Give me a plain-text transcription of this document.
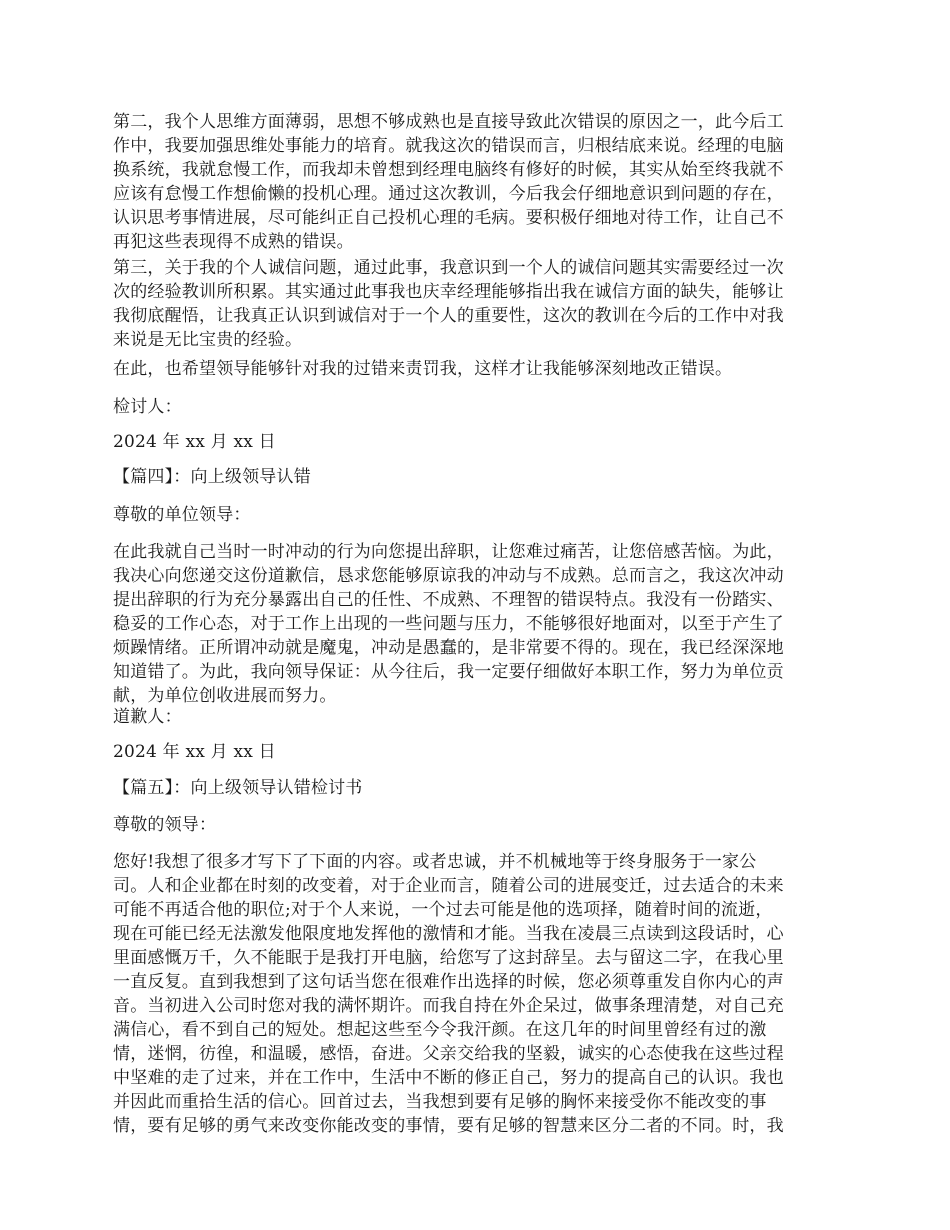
第二，我个人思维方面薄弱，思想不够成熟也是直接导致此次错误的原因之一，此今后工
作中，我要加强思维处事能力的培育。就我这次的错误而言，归根结底来说。经理的电脑
换系统，我就怠慢工作，而我却未曾想到经理电脑终有修好的时候，其实从始至终我就不
应该有怠慢工作想偷懒的投机心理。通过这次教训，今后我会仔细地意识到问题的存在，
认识思考事情进展，尽可能纠正自己投机心理的毛病。要积极仔细地对待工作，让自己不
再犯这些表现得不成熟的错误。

第三，关于我的个人诚信问题，通过此事，我意识到一个人的诚信问题其实需要经过一次
次的经验教训所积累。其实通过此事我也庆幸经理能够指出我在诚信方面的缺失，能够让
我彻底醒悟，让我真正认识到诚信对于一个人的重要性，这次的教训在今后的工作中对我
来说是无比宝贵的经验。

在此，也希望领导能够针对我的过错来责罚我，这样才让我能够深刻地改正错误。

检讨人：

2024 年 xx 月 xx 日

【篇四】：向上级领导认错

尊敬的单位领导：

在此我就自己当时一时冲动的行为向您提出辞职，让您难过痛苦，让您倍感苦恼。为此，
我决心向您递交这份道歉信，恳求您能够原谅我的冲动与不成熟。总而言之，我这次冲动
提出辞职的行为充分暴露出自己的任性、不成熟、不理智的错误特点。我没有一份踏实、
稳妥的工作心态，对于工作上出现的一些问题与压力，不能够很好地面对，以至于产生了
烦躁情绪。正所谓冲动就是魔鬼，冲动是愚蠢的，是非常要不得的。现在，我已经深深地
知道错了。为此，我向领导保证：从今往后，我一定要仔细做好本职工作，努力为单位贡
献，为单位创收进展而努力。

道歉人：

2024 年 xx 月 xx 日

【篇五】：向上级领导认错检讨书

尊敬的领导：

您好!我想了很多才写下了下面的内容。或者忠诚，并不机械地等于终身服务于一家公
司。人和企业都在时刻的改变着，对于企业而言，随着公司的进展变迁，过去适合的未来
可能不再适合他的职位;对于个人来说，一个过去可能是他的选项择，随着时间的流逝，
现在可能已经无法激发他限度地发挥他的激情和才能。当我在凌晨三点读到这段话时，心
里面感慨万千，久不能眠于是我打开电脑，给您写了这封辞呈。去与留这二字，在我心里
一直反复。直到我想到了这句话当您在很难作出选择的时候，您必须尊重发自你内心的声
音。当初进入公司时您对我的满怀期许。而我自持在外企呆过，做事条理清楚，对自己充
满信心，看不到自己的短处。想起这些至今令我汗颜。在这几年的时间里曾经有过的激
情，迷惘，彷徨，和温暖，感悟，奋进。父亲交给我的坚毅，诚实的心态使我在这些过程
中坚难的走了过来，并在工作中，生活中不断的修正自己，努力的提高自己的认识。我也
并因此而重拾生活的信心。回首过去，当我想到要有足够的胸怀来接受你不能改变的事
情，要有足够的勇气来改变你能改变的事情，要有足够的智慧来区分二者的不同。时，我
